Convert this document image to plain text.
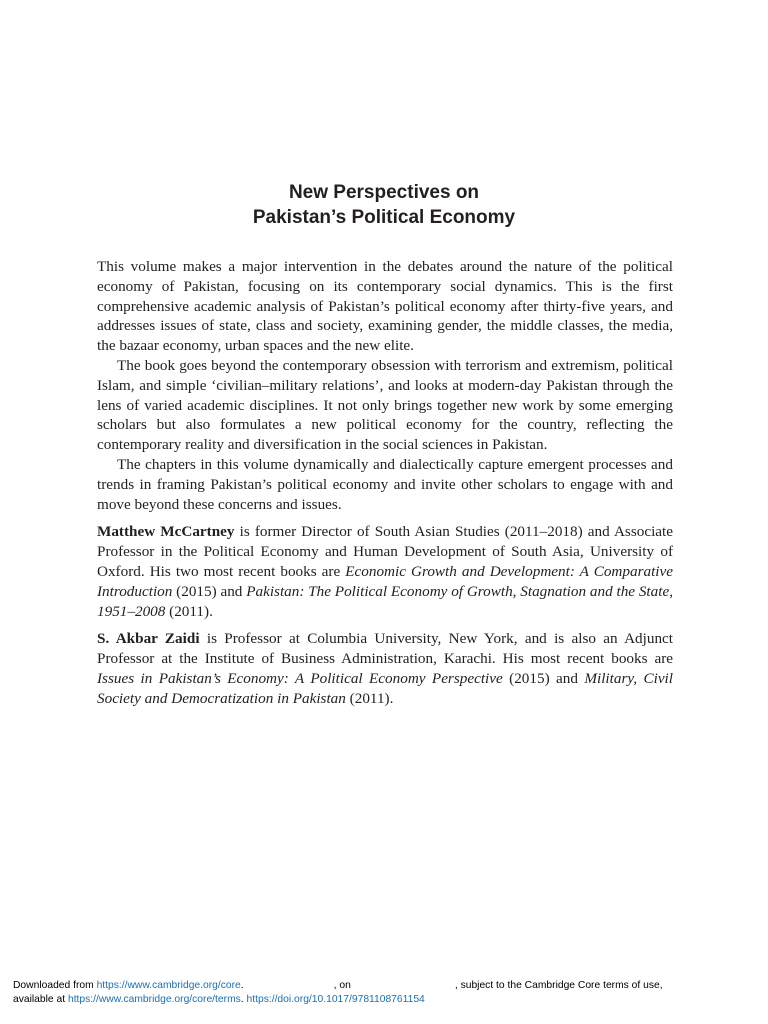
New Perspectives on
Pakistan’s Political Economy

This volume makes a major intervention in the debates around the nature of the political economy of Pakistan, focusing on its contemporary social dynamics. This is the first comprehensive academic analysis of Pakistan’s political economy after thirty-five years, and addresses issues of state, class and society, examining gender, the middle classes, the media, the bazaar economy, urban spaces and the new elite.

The book goes beyond the contemporary obsession with terrorism and extremism, political Islam, and simple ‘civilian–military relations’, and looks at modern-day Pakistan through the lens of varied academic disciplines. It not only brings together new work by some emerging scholars but also formulates a new political economy for the country, reflecting the contemporary reality and diversification in the social sciences in Pakistan.

The chapters in this volume dynamically and dialectically capture emergent processes and trends in framing Pakistan’s political economy and invite other scholars to engage with and move beyond these concerns and issues.

Matthew McCartney is former Director of South Asian Studies (2011–2018) and Associate Professor in the Political Economy and Human Development of South Asia, University of Oxford. His two most recent books are Economic Growth and Development: A Comparative Introduction (2015) and Pakistan: The Political Economy of Growth, Stagnation and the State, 1951–2008 (2011).

S. Akbar Zaidi is Professor at Columbia University, New York, and is also an Adjunct Professor at the Institute of Business Administration, Karachi. His most recent books are Issues in Pakistan’s Economy: A Political Economy Perspective (2015) and Military, Civil Society and Democratization in Pakistan (2011).

Downloaded from https://www.cambridge.org/core.	, on	, subject to the Cambridge Core terms of use,
available at https://www.cambridge.org/core/terms. https://doi.org/10.1017/9781108761154
